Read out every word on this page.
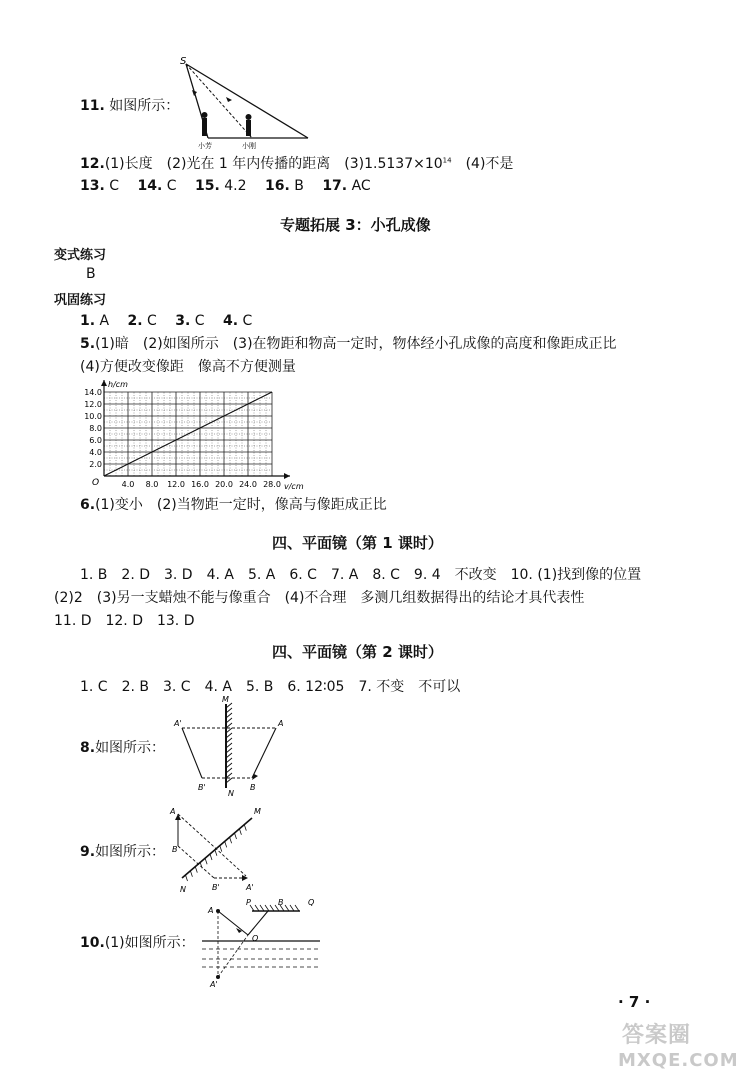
11. 如图所示：
S
小芳	小刚
12.(1)长度　(2)光在 1 年内传播的距离　$(3)1.5137\times 10^{14}$　(4)不是
13. C　 14. C　 15. 4.2　 16. B　 17. AC
专题拓展 3：小孔成像
变式练习
B
巩固练习
1. A　 2. C　 3. C　 4. C
5.(1)暗　(2)如图所示　(3)在物距和物高一定时，物体经小孔成像的高度和像距成正比
(4)方便改变像距　像高不方便测量
2.0
4.0
6.0
8.0
10.0
12.0
14.0
4.0 8.0 12.0 16.0 20.0 24.0 28.0
h/cm
v/cm
O
6.(1)变小　(2)当物距一定时，像高与像距成正比
四、平面镜（第 1 课时）
1. B　2. D　3. D　4. A　5. A　6. C　7. A　8. C　9. 4　不改变　10. (1)找到像的位置
(2)2　(3)另一支蜡烛不能与像重合　(4)不合理　多测几组数据得出的结论才具代表性
11. D　12. D　13. D
四、平面镜（第 2 课时）
1. C　2. B　3. C　4. A　5. B　6. 12∶05　7. 不变　不可以
8.如图所示：
A'	A
M
B'
N
B
9.如图所示：
A	M
B
N	B'	A'
10.(1)如图所示：
A
P	B	Q
O
A'
· 7 ·
答案圈
MXQE.COM
